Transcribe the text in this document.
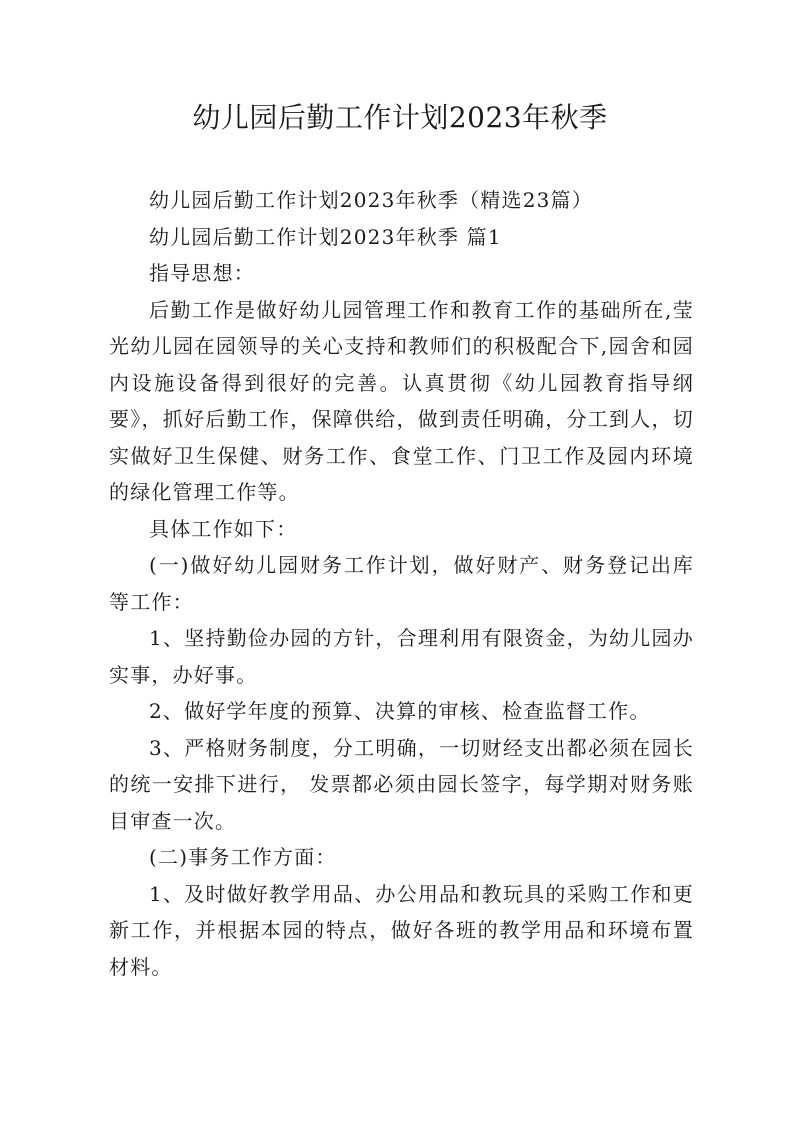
幼儿园后勤工作计划2023年秋季

幼儿园后勤工作计划2023年秋季（精选23篇）

幼儿园后勤工作计划2023年秋季 篇1

指导思想：

后勤工作是做好幼儿园管理工作和教育工作的基础所在,莹光幼儿园在园领导的关心支持和教师们的积极配合下,园舍和园内设施设备得到很好的完善。认真贯彻《幼儿园教育指导纲要》，抓好后勤工作，保障供给，做到责任明确，分工到人，切实做好卫生保健、财务工作、食堂工作、门卫工作及园内环境的绿化管理工作等。

具体工作如下：

(一)做好幼儿园财务工作计划，做好财产、财务登记出库等工作：

1、坚持勤俭办园的方针，合理利用有限资金，为幼儿园办实事，办好事。

2、做好学年度的预算、决算的审核、检查监督工作。

3、严格财务制度，分工明确，一切财经支出都必须在园长的统一安排下进行， 发票都必须由园长签字，每学期对财务账目审查一次。

(二)事务工作方面：

1、及时做好教学用品、办公用品和教玩具的采购工作和更新工作，并根据本园的特点，做好各班的教学用品和环境布置材料。
